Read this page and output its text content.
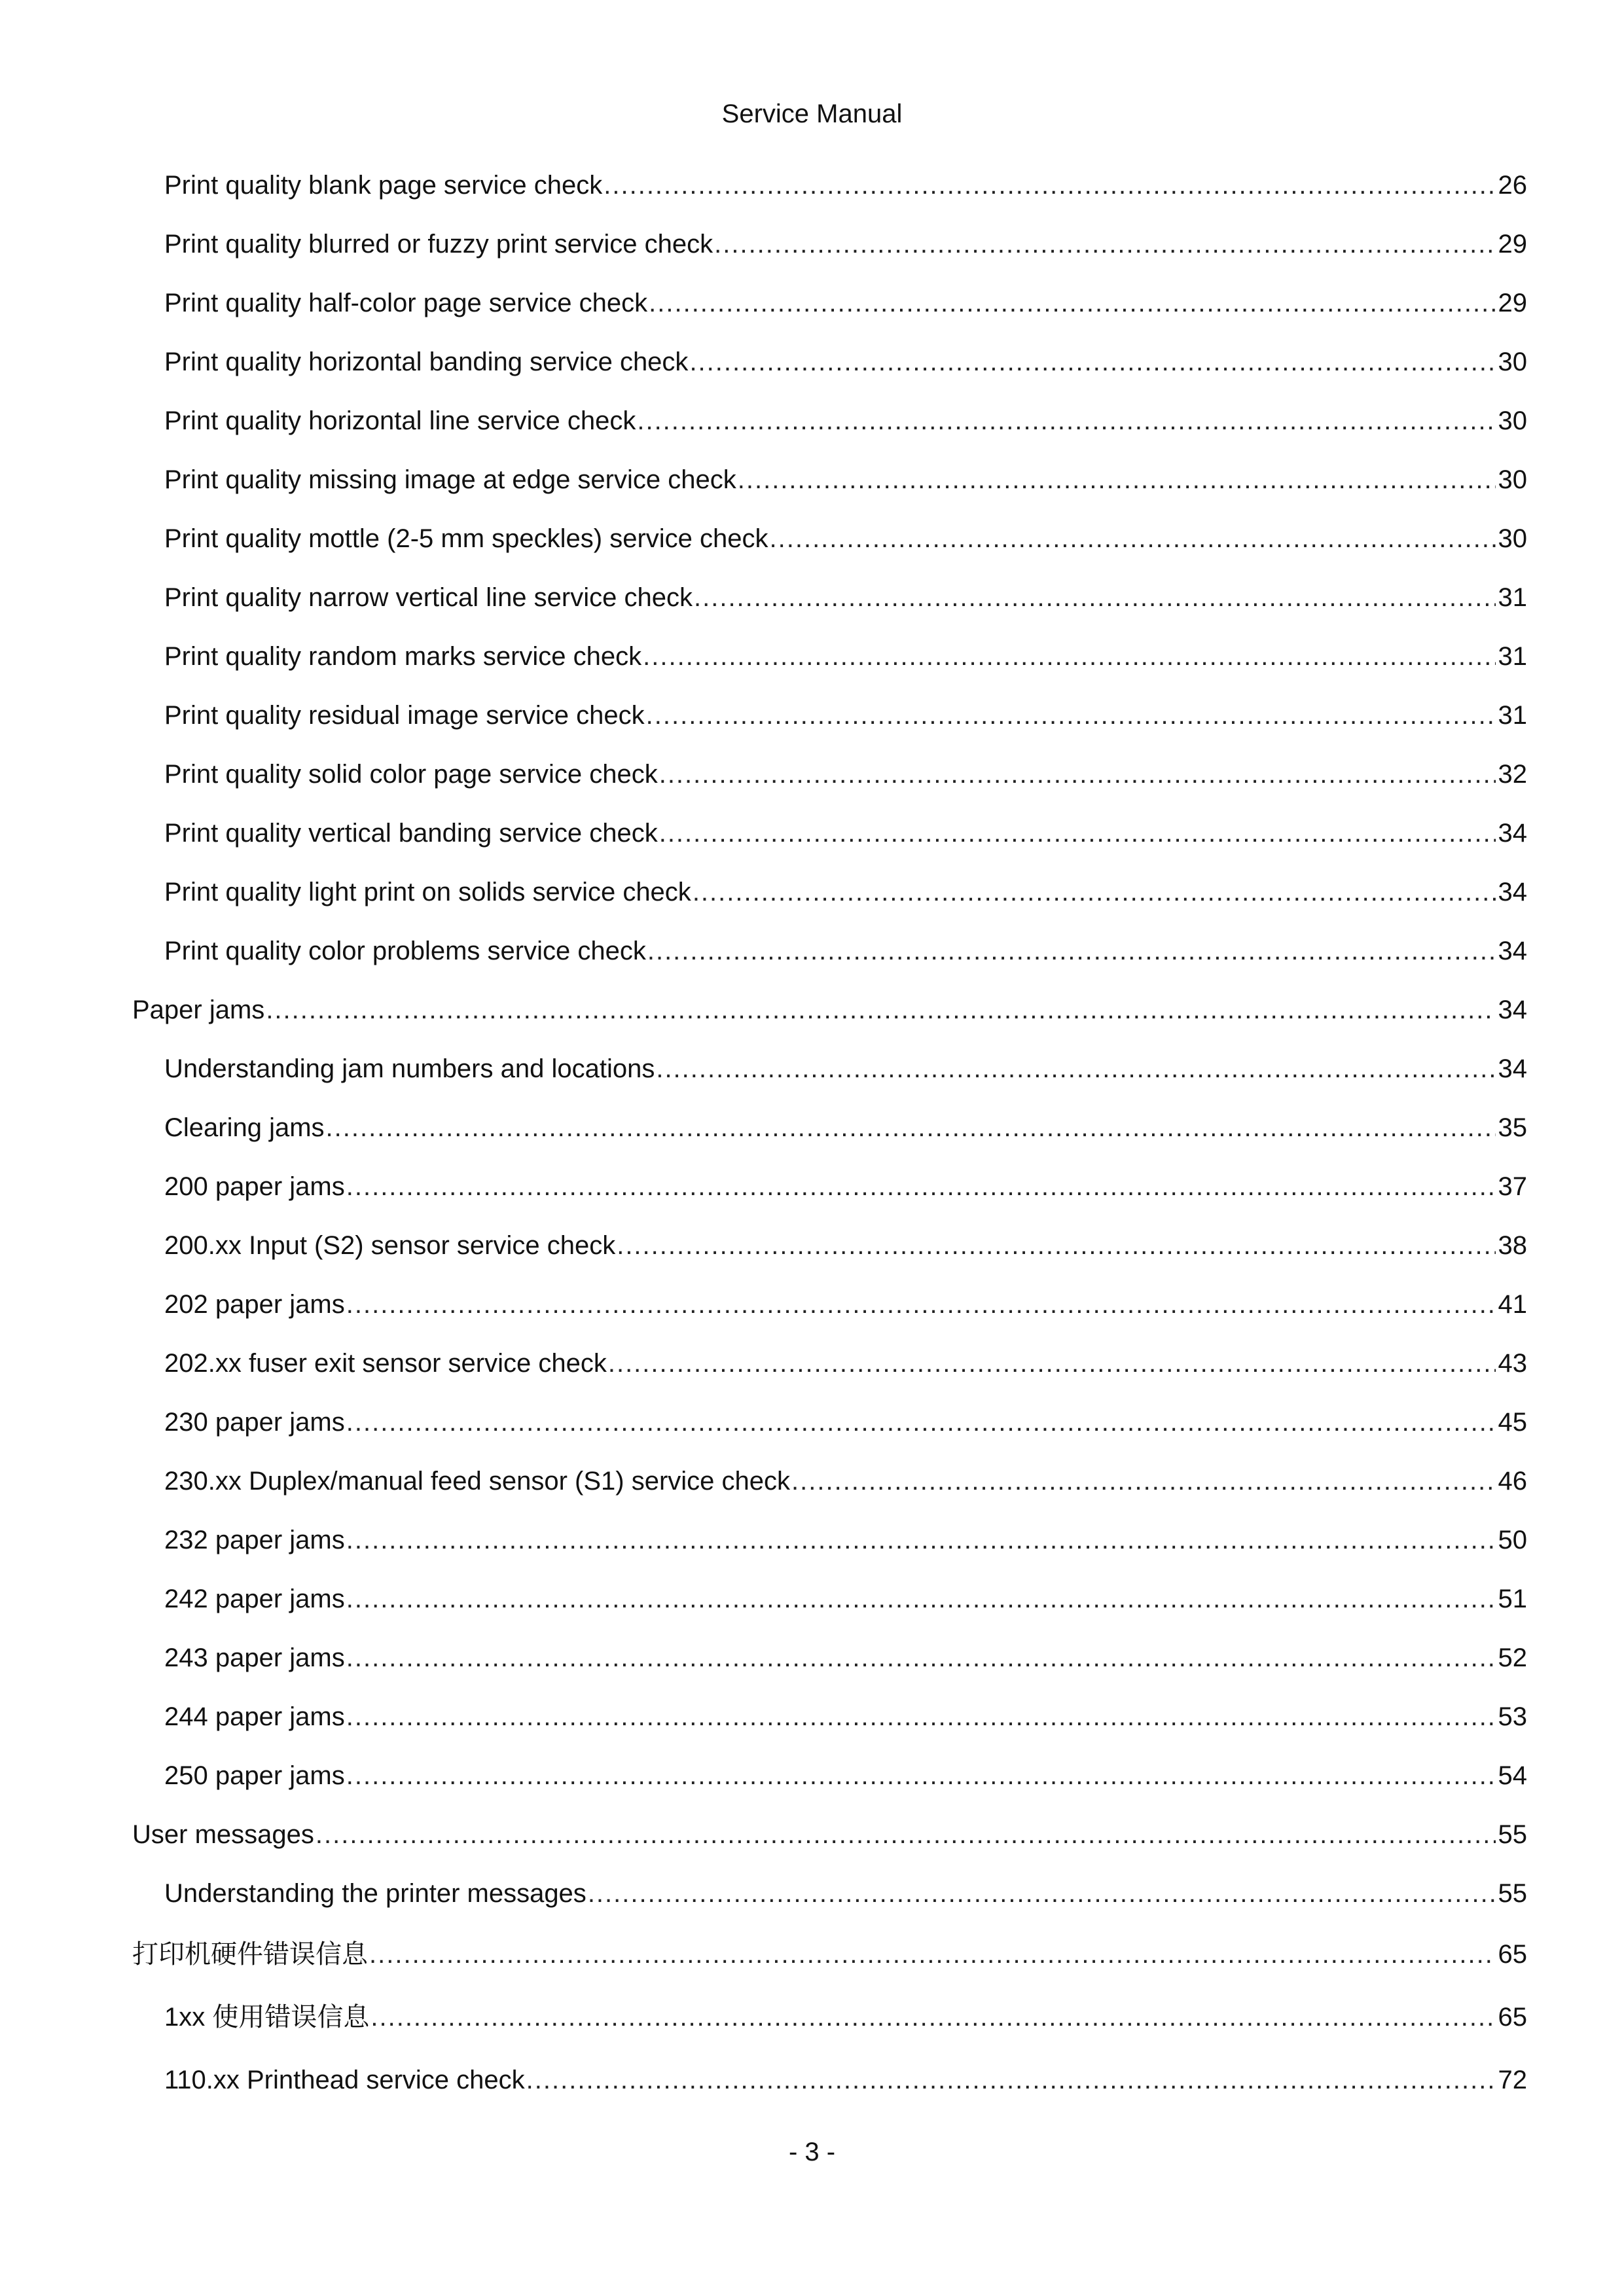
Service Manual
Print quality blank page service check .....	26
Print quality blurred or fuzzy print service check .....	29
Print quality half-color page service check .....	29
Print quality horizontal banding service check .....	30
Print quality horizontal line service check .....	30
Print quality missing image at edge service check .....	30
Print quality mottle (2-5 mm speckles) service check .....	30
Print quality narrow vertical line service check .....	31
Print quality random marks service check .....	31
Print quality residual image service check .....	31
Print quality solid color page service check .....	32
Print quality vertical banding service check .....	34
Print quality light print on solids service check .....	34
Print quality color problems service check .....	34
Paper jams .....	34
Understanding jam numbers and locations .....	34
Clearing jams .....	35
200 paper jams .....	37
200.xx Input (S2) sensor service check .....	38
202 paper jams .....	41
202.xx fuser exit sensor service check .....	43
230 paper jams .....	45
230.xx Duplex/manual feed sensor (S1) service check .....	46
232 paper jams .....	50
242 paper jams .....	51
243 paper jams .....	52
244 paper jams .....	53
250 paper jams .....	54
User messages .....	55
Understanding the printer messages .....	55
打印机硬件错误信息 .....	65
1xx 使用错误信息 .....	65
110.xx Printhead service check .....	72
- 3 -
